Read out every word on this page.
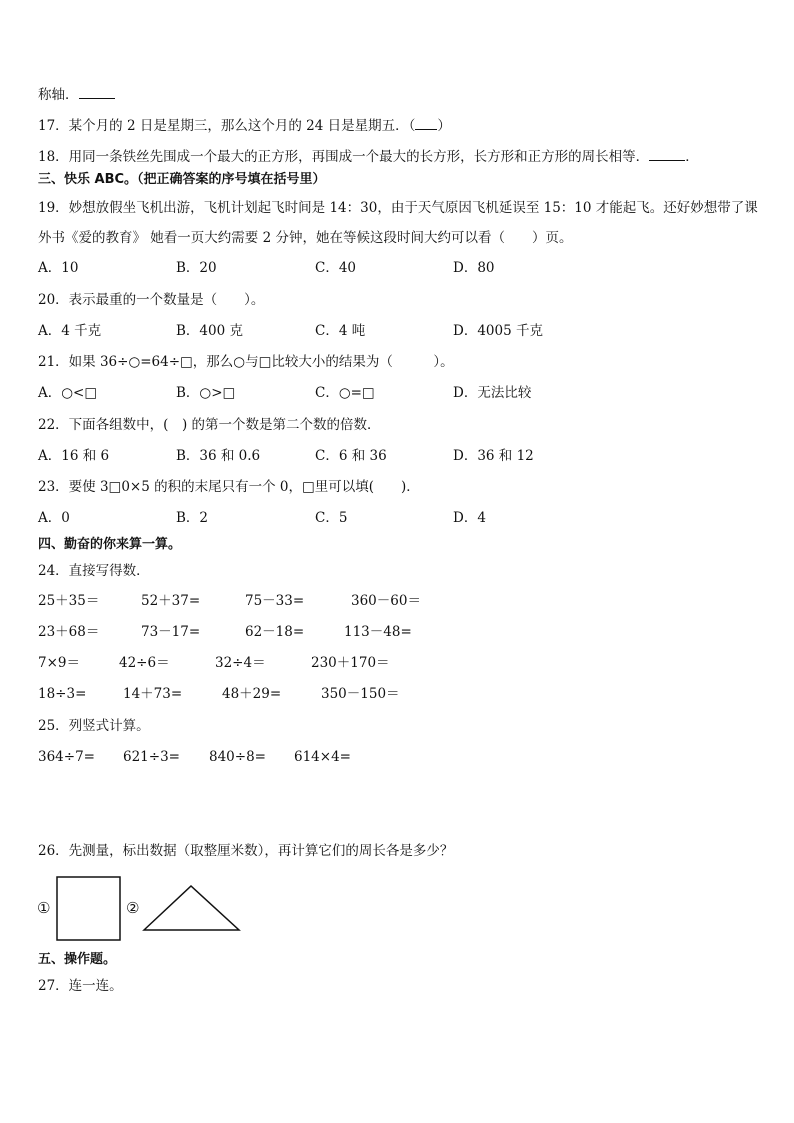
称轴．
17．某个月的 2 日是星期三，那么这个月的 24 日是星期五．（ ）
18．用同一条铁丝先围成一个最大的正方形，再围成一个最大的长方形，长方形和正方形的周长相等．	．
三、快乐 ABC。（把正确答案的序号填在括号里）
19．妙想放假坐飞机出游，飞机计划起飞时间是 14：30，由于天气原因飞机延误至 15：10 才能起飞。还好妙想带了课
外书《爱的教育》 她看一页大约需要 2 分钟，她在等候这段时间大约可以看（　　）页。
A．10	B．20	C．40	D．80
20．表示最重的一个数量是（　　）。
A．4 千克	B．400 克	C．4 吨	D．4005 千克
21．如果 36÷○=64÷□，那么○与□比较大小的结果为（　　　）。
A．○<□	B．○>□	C．○=□	D．无法比较
22．下面各组数中，(　) 的第一个数是第二个数的倍数．
A．16 和 6	B．36 和 0.6	C．6 和 36	D．36 和 12
23．要使 3□0×5 的积的末尾只有一个 0，□里可以填(　　)．
A．0	B．2	C．5	D．4
四、勤奋的你来算一算。
24．直接写得数．
25＋35＝	52＋37=	75－33=	360－60＝
23＋68＝	73－17=	62－18=	113－48=
7×9＝	42÷6＝	32÷4＝	230＋170＝
18÷3=	14＋73=	48＋29=	350－150＝
25．列竖式计算。
364÷7= 621÷3= 840÷8= 614×4=
26．先测量，标出数据（取整厘米数），再计算它们的周长各是多少？
①	②
五、操作题。
27．连一连。
